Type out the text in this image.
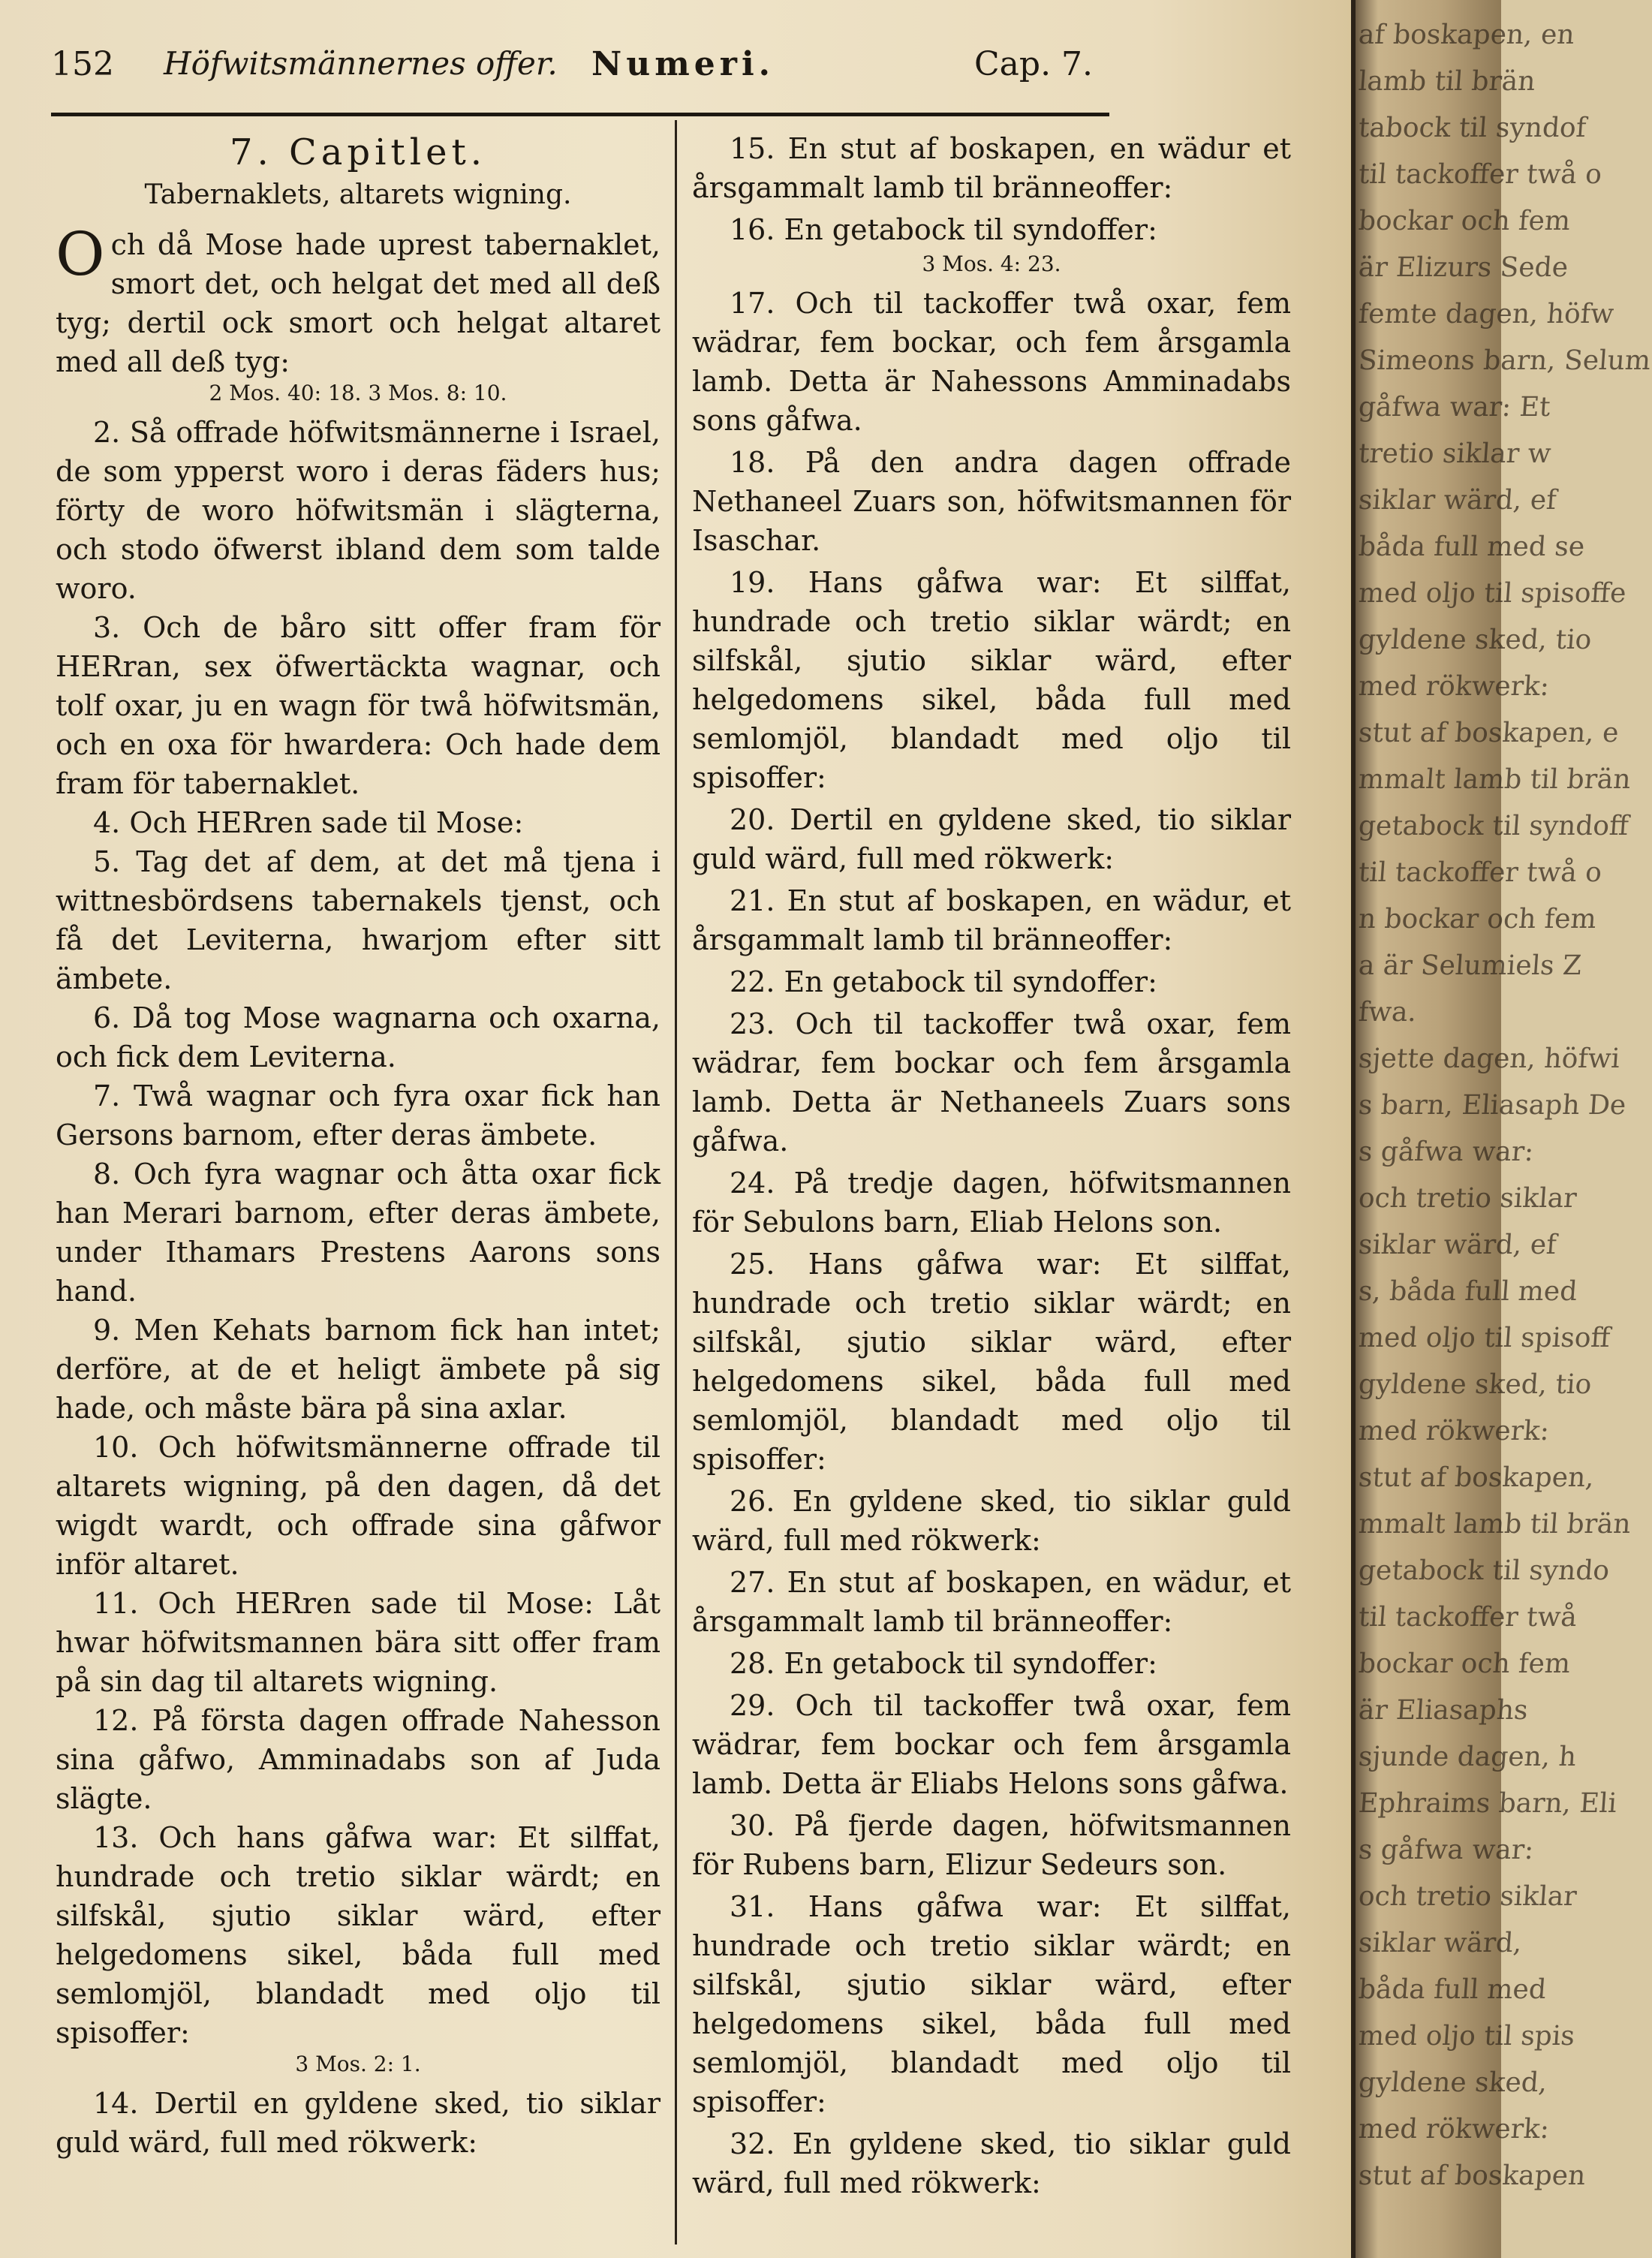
152 Höfwitsmännernes offer. Numeri.	Cap. 7.

7. Capitlet.

Tabernaklets, altarets wigning.

Och då Mose hade uprest tabernaklet, smort det, och helgat det med all deß tyg; dertil ock smort och helgat altaret med all deß tyg:

2 Mos. 40: 18. 3 Mos. 8: 10.

2. Så offrade höfwitsmännerne i Israel, de som ypperst woro i deras fäders hus; förty de woro höfwitsmän i slägterna, och stodo öfwerst ibland dem som talde woro.

3. Och de båro sitt offer fram för HERran, sex öfwertäckta wagnar, och tolf oxar, ju en wagn för twå höfwitsmän, och en oxa för hwardera: Och hade dem fram för tabernaklet.

4. Och HERren sade til Mose:

5. Tag det af dem, at det må tjena i wittnesbördsens tabernakels tjenst, och få det Leviterna, hwarjom efter sitt ämbete.

6. Då tog Mose wagnarna och oxarna, och fick dem Leviterna.

7. Twå wagnar och fyra oxar fick han Gersons barnom, efter deras ämbete.

8. Och fyra wagnar och åtta oxar fick han Merari barnom, efter deras ämbete, under Ithamars Prestens Aarons sons hand.

9. Men Kehats barnom fick han intet; derföre, at de et heligt ämbete på sig hade, och måste bära på sina axlar.

10. Och höfwitsmännerne offrade til altarets wigning, på den dagen, då det wigdt wardt, och offrade sina gåfwor inför altaret.

11. Och HERren sade til Mose: Låt hwar höfwitsmannen bära sitt offer fram på sin dag til altarets wigning.

12. På första dagen offrade Nahesson sina gåfwo, Amminadabs son af Juda slägte.

13. Och hans gåfwa war: Et silffat, hundrade och tretio siklar wärdt; en silfskål, sjutio siklar wärd, efter helgedomens sikel, båda full med semlomjöl, blandadt med oljo til spisoffer:

3 Mos. 2: 1.

14. Dertil en gyldene sked, tio siklar guld wärd, full med rökwerk:

15. En stut af boskapen, en wädur et årsgammalt lamb til bränneoffer:

16. En getabock til syndoffer:

3 Mos. 4: 23.

17. Och til tackoffer twå oxar, fem wädrar, fem bockar, och fem årsgamla lamb. Detta är Nahessons Amminadabs sons gåfwa.

18. På den andra dagen offrade Nethaneel Zuars son, höfwitsmannen för Isaschar.

19. Hans gåfwa war: Et silffat, hundrade och tretio siklar wärdt; en silfskål, sjutio siklar wärd, efter helgedomens sikel, båda full med semlomjöl, blandadt med oljo til spisoffer:

20. Dertil en gyldene sked, tio siklar guld wärd, full med rökwerk:

21. En stut af boskapen, en wädur, et årsgammalt lamb til bränneoffer:

22. En getabock til syndoffer:

23. Och til tackoffer twå oxar, fem wädrar, fem bockar och fem årsgamla lamb. Detta är Nethaneels Zuars sons gåfwa.

24. På tredje dagen, höfwitsmannen för Sebulons barn, Eliab Helons son.

25. Hans gåfwa war: Et silffat, hundrade och tretio siklar wärdt; en silfskål, sjutio siklar wärd, efter helgedomens sikel, båda full med semlomjöl, blandadt med oljo til spisoffer:

26. En gyldene sked, tio siklar guld wärd, full med rökwerk:

27. En stut af boskapen, en wädur, et årsgammalt lamb til bränneoffer:

28. En getabock til syndoffer:

29. Och til tackoffer twå oxar, fem wädrar, fem bockar och fem årsgamla lamb. Detta är Eliabs Helons sons gåfwa.

30. På fjerde dagen, höfwitsmannen för Rubens barn, Elizur Sedeurs son.

31. Hans gåfwa war: Et silffat, hundrade och tretio siklar wärdt; en silfskål, sjutio siklar wärd, efter helgedomens sikel, båda full med semlomjöl, blandadt med oljo til spisoffer:

32. En gyldene sked, tio siklar guld wärd, full med rökwerk:

af boskapen, en
lamb til brän
tabock til syndof
til tackoffer twå o
bockar och fem
är Elizurs Sede
femte dagen, höfw
Simeons barn, Selum
gåfwa war: Et
tretio siklar w
siklar wärd, ef
båda full med se
med oljo til spisoffe
gyldene sked, tio
med rökwerk:
stut af boskapen, e
mmalt lamb til brän
getabock til syndoff
til tackoffer twå o
n bockar och fem
a är Selumiels Z
fwa.
sjette dagen, höfwi
s barn, Eliasaph De
s gåfwa war:
och tretio siklar
siklar wärd, ef
s, båda full med
med oljo til spisoff
gyldene sked, tio
med rökwerk:
stut af boskapen,
mmalt lamb til brän
getabock til syndo
til tackoffer twå
bockar och fem
är Eliasaphs
sjunde dagen, h
Ephraims barn, Eli
s gåfwa war:
och tretio siklar
siklar wärd,
båda full med
med oljo til spis
gyldene sked,
med rökwerk:
stut af boskapen
